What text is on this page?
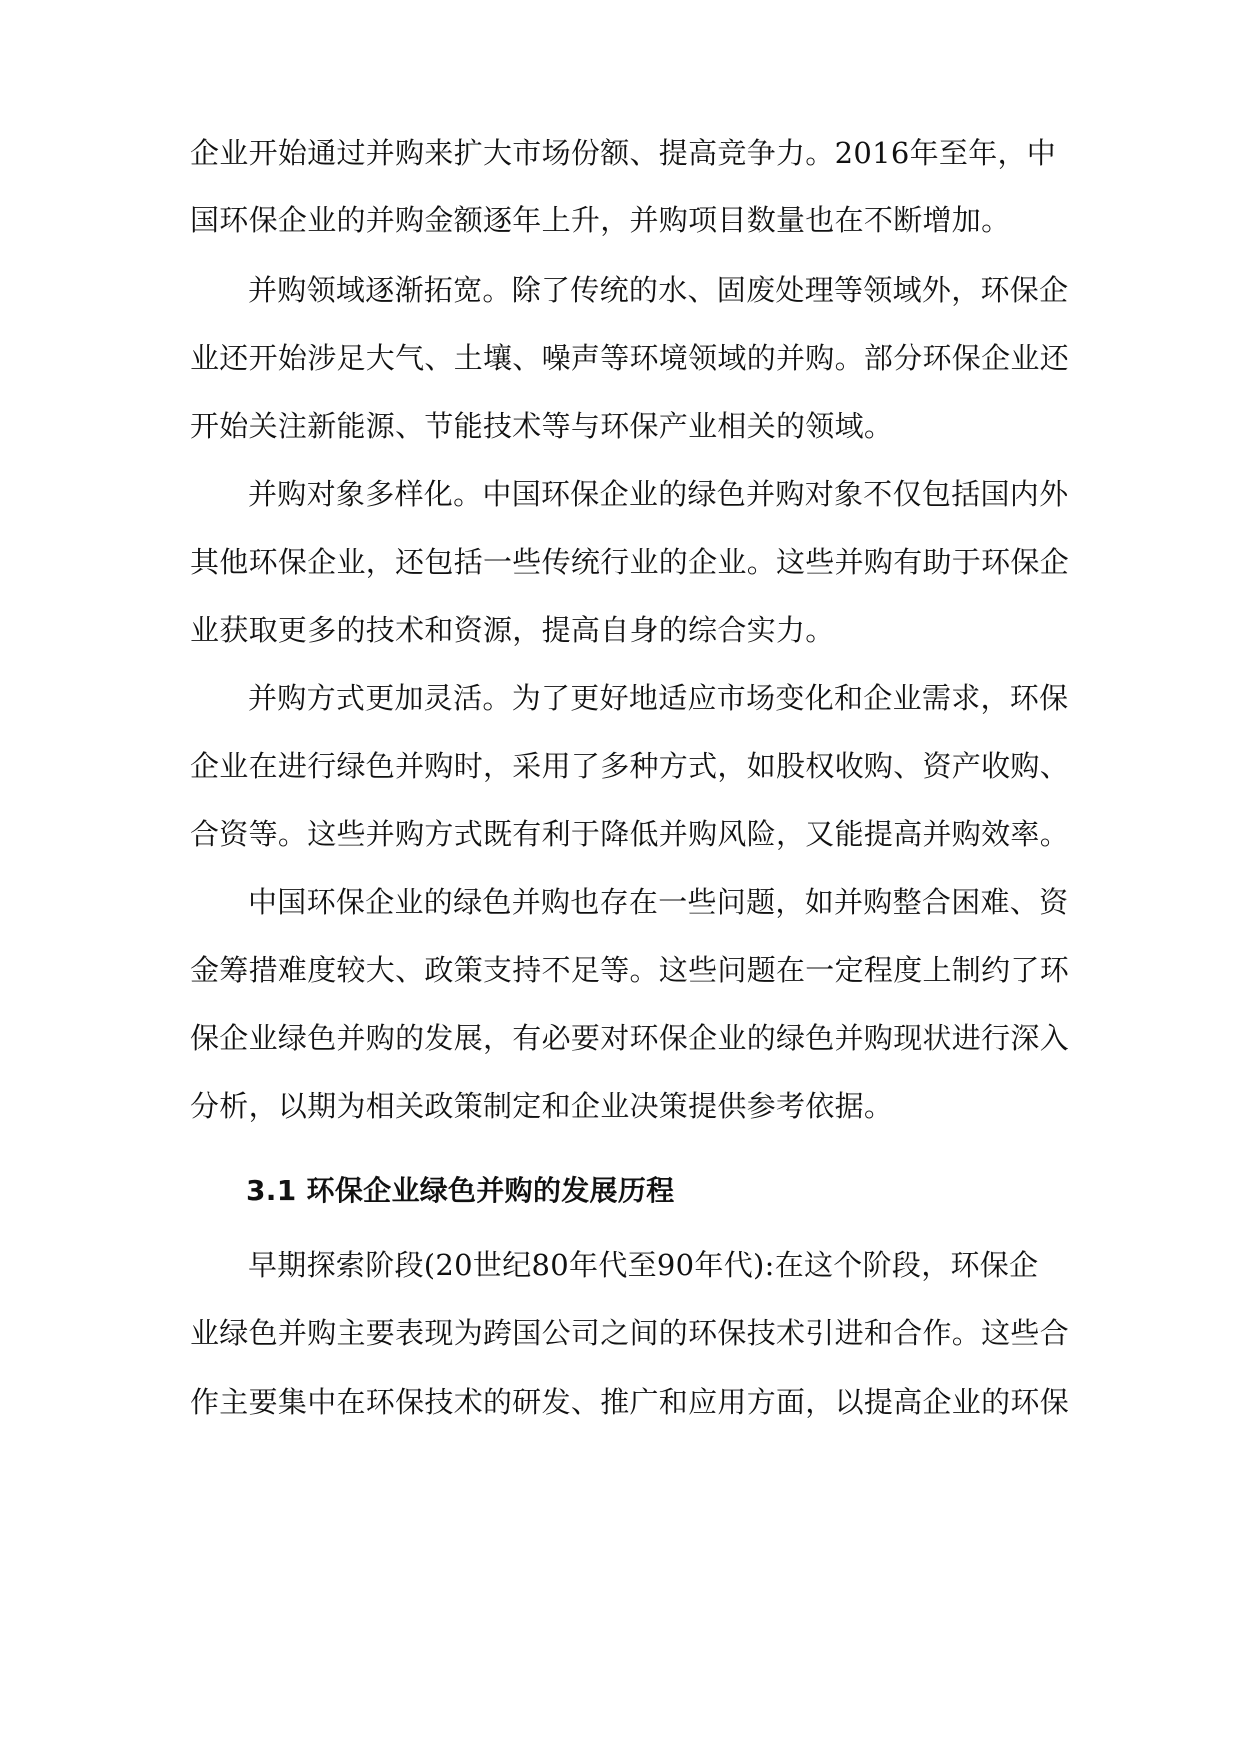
企业开始通过并购来扩大市场份额、提高竞争力。2016年至年，中
国环保企业的并购金额逐年上升，并购项目数量也在不断增加。
并购领域逐渐拓宽。除了传统的水、固废处理等领域外，环保企
业还开始涉足大气、土壤、噪声等环境领域的并购。部分环保企业还
开始关注新能源、节能技术等与环保产业相关的领域。
并购对象多样化。中国环保企业的绿色并购对象不仅包括国内外
其他环保企业，还包括一些传统行业的企业。这些并购有助于环保企
业获取更多的技术和资源，提高自身的综合实力。
并购方式更加灵活。为了更好地适应市场变化和企业需求，环保
企业在进行绿色并购时，采用了多种方式，如股权收购、资产收购、
合资等。这些并购方式既有利于降低并购风险，又能提高并购效率。
中国环保企业的绿色并购也存在一些问题，如并购整合困难、资
金筹措难度较大、政策支持不足等。这些问题在一定程度上制约了环
保企业绿色并购的发展，有必要对环保企业的绿色并购现状进行深入
分析，以期为相关政策制定和企业决策提供参考依据。
3.1 环保企业绿色并购的发展历程
早期探索阶段(20世纪80年代至90年代):在这个阶段，环保企
业绿色并购主要表现为跨国公司之间的环保技术引进和合作。这些合
作主要集中在环保技术的研发、推广和应用方面，以提高企业的环保
